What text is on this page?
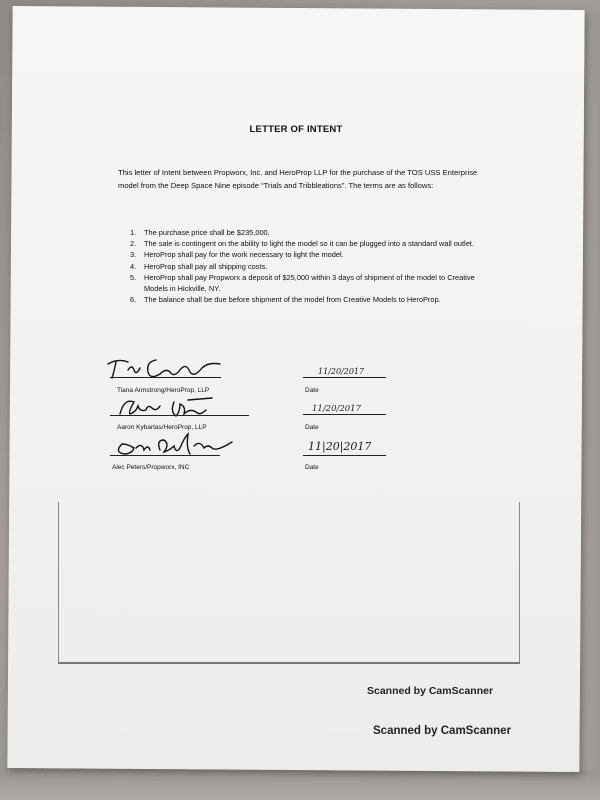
LETTER OF INTENT
This letter of Intent between Propworx, Inc. and HeroProp LLP for the purchase of the TOS USS Enterprise model from the Deep Space Nine episode “Trials and Tribbleations”. The terms are as follows:
1. The purchase price shall be $235,000.
2. The sale is contingent on the ability to light the model so it can be plugged into a standard wall outlet.
3. HeroProp shall pay for the work necessary to light the model.
4. HeroProp shall pay all shipping costs.
5. HeroProp shall pay Propworx a deposit of $25,000 within 3 days of shipment of the model to Creative Models in Hickville, NY.
6. The balance shall be due before shipment of the model from Creative Models to HeroProp.
Tiana Armstrong/HeroProp, LLP
11/20/2017
Date
Aaron Kybartas/HeroProp, LLP
11/20/2017
Date
Alec Peters/Propworx, INC
11|20|2017
Date
Scanned by CamScanner
Scanned by CamScanner
